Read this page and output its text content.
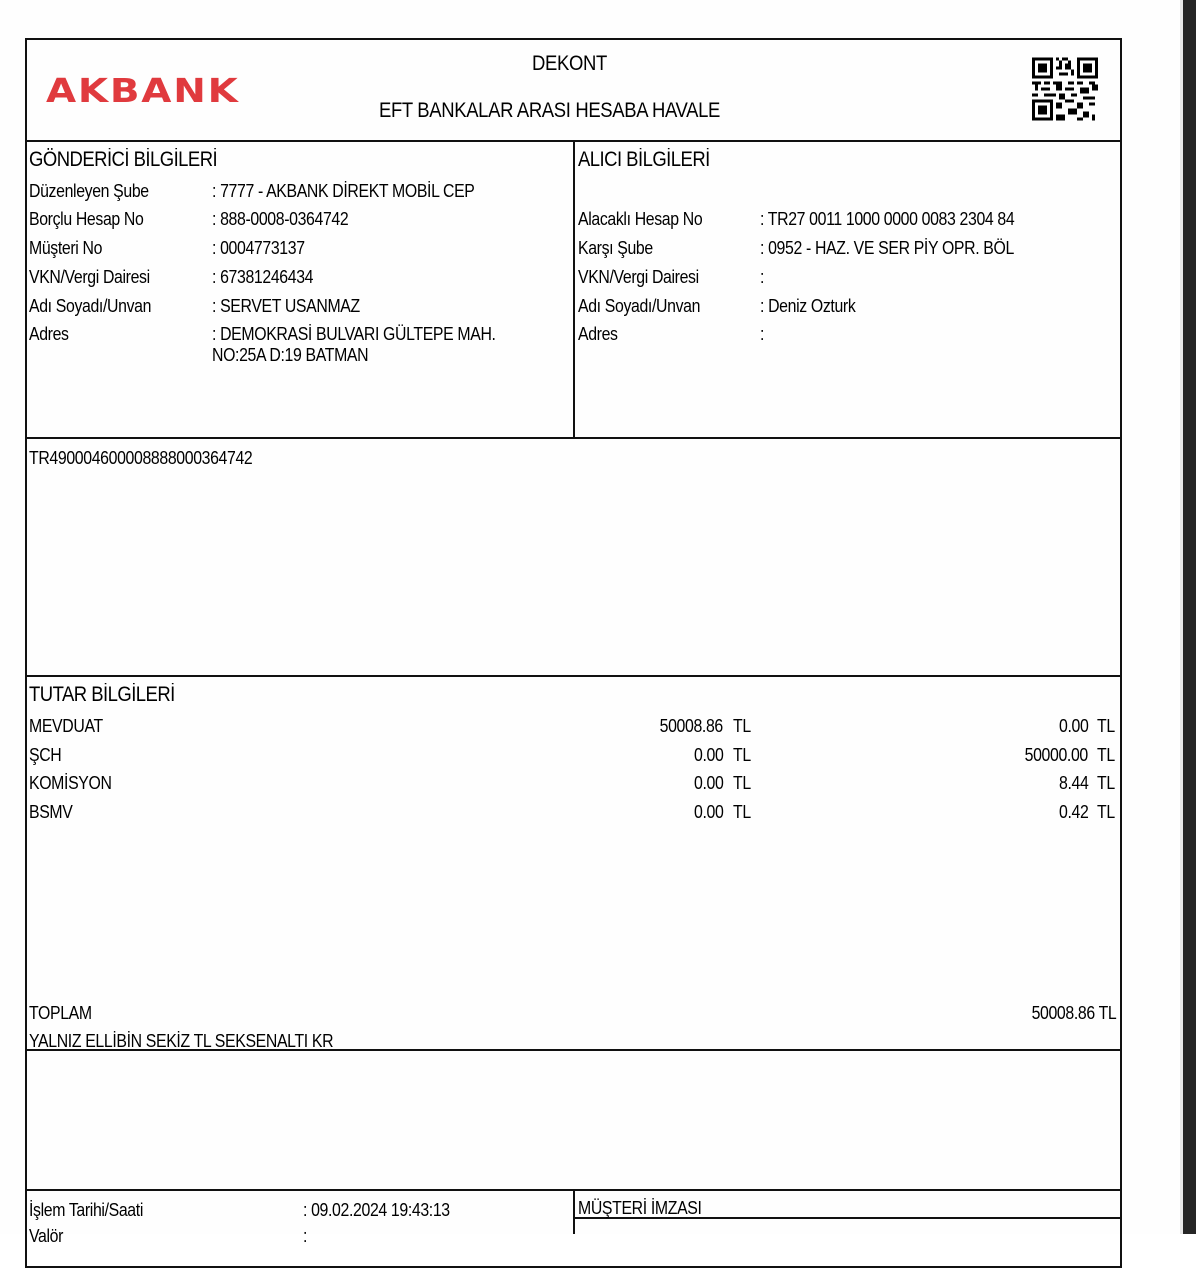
AKBANK
DEKONT
EFT BANKALAR ARASI HESABA HAVALE
GÖNDERİCİ BİLGİLERİ
Düzenleyen Şube	: 7777 - AKBANK DİREKT MOBİL CEP
Borçlu Hesap No	: 888-0008-0364742
Müşteri No	: 0004773137
VKN/Vergi Dairesi	: 67381246434
Adı Soyadı/Unvan	: SERVET USANMAZ
Adres	: DEMOKRASİ BULVARI GÜLTEPE MAH.
NO:25A D:19 BATMAN
ALICI BİLGİLERİ
Alacaklı Hesap No	: TR27 0011 1000 0000 0083 2304 84
Karşı Şube	: 0952 - HAZ. VE SER PİY OPR. BÖL
VKN/Vergi Dairesi	:
Adı Soyadı/Unvan	: Deniz Ozturk
Adres	:
TR490004600008888000364742
TUTAR BİLGİLERİ
MEVDUAT	50008.86 TL	0.00 TL
ŞCH	0.00 TL	50000.00 TL
KOMİSYON	0.00 TL	8.44 TL
BSMV	0.00 TL	0.42 TL
TOPLAM	50008.86 TL
YALNIZ ELLİBİN SEKİZ TL SEKSENALTI KR
İşlem Tarihi/Saati	: 09.02.2024 19:43:13
Valör	:
MÜŞTERİ İMZASI
